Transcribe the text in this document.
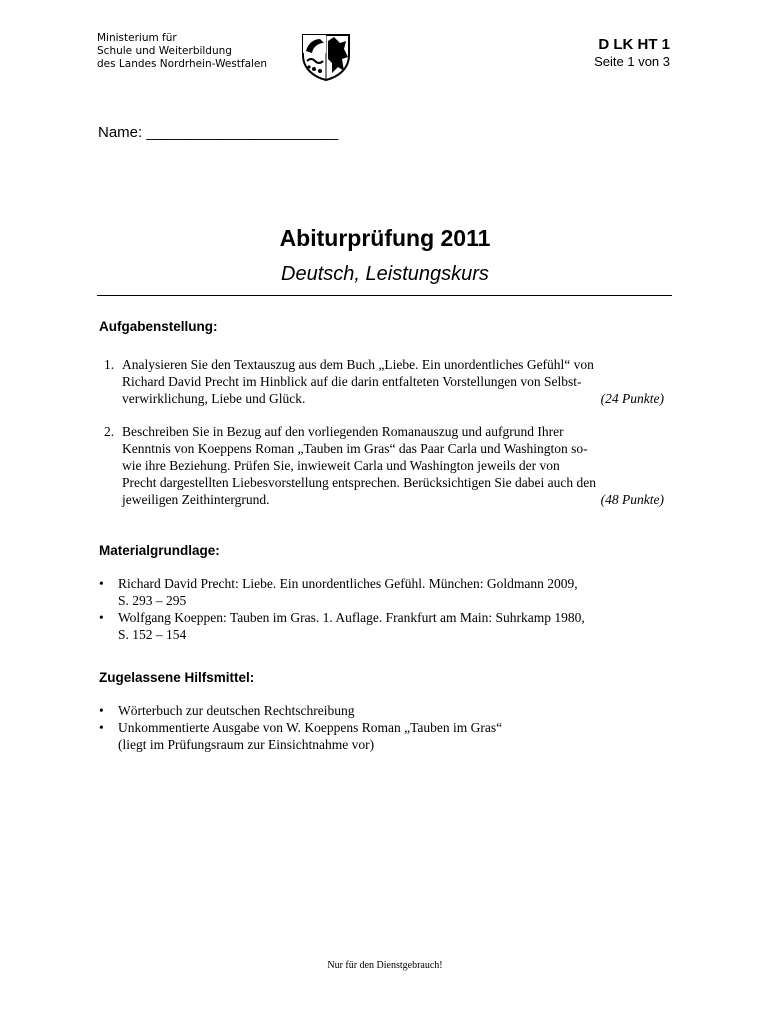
Ministerium für
Schule und Weiterbildung
des Landes Nordrhein-Westfalen
D LK HT 1
Seite 1 von 3
Name: _______________________
Abiturprüfung 2011
Deutsch, Leistungskurs
Aufgabenstellung:
1. Analysieren Sie den Textauszug aus dem Buch „Liebe. Ein unordentliches Gefühl“ von
Richard David Precht im Hinblick auf die darin entfalteten Vorstellungen von Selbst-
(24 Punkte)
verwirklichung, Liebe und Glück.
2. Beschreiben Sie in Bezug auf den vorliegenden Romanauszug und aufgrund Ihrer
Kenntnis von Koeppens Roman „Tauben im Gras“ das Paar Carla und Washington so-
wie ihre Beziehung. Prüfen Sie, inwieweit Carla und Washington jeweils der von
Precht dargestellten Liebesvorstellung entsprechen. Berücksichtigen Sie dabei auch den
(48 Punkte)
jeweiligen Zeithintergrund.
Materialgrundlage:
• Richard David Precht: Liebe. Ein unordentliches Gefühl. München: Goldmann 2009,
S. 293 – 295
• Wolfgang Koeppen: Tauben im Gras. 1. Auflage. Frankfurt am Main: Suhrkamp 1980,
S. 152 – 154
Zugelassene Hilfsmittel:
• Wörterbuch zur deutschen Rechtschreibung
• Unkommentierte Ausgabe von W. Koeppens Roman „Tauben im Gras“
(liegt im Prüfungsraum zur Einsichtnahme vor)
Nur für den Dienstgebrauch!
